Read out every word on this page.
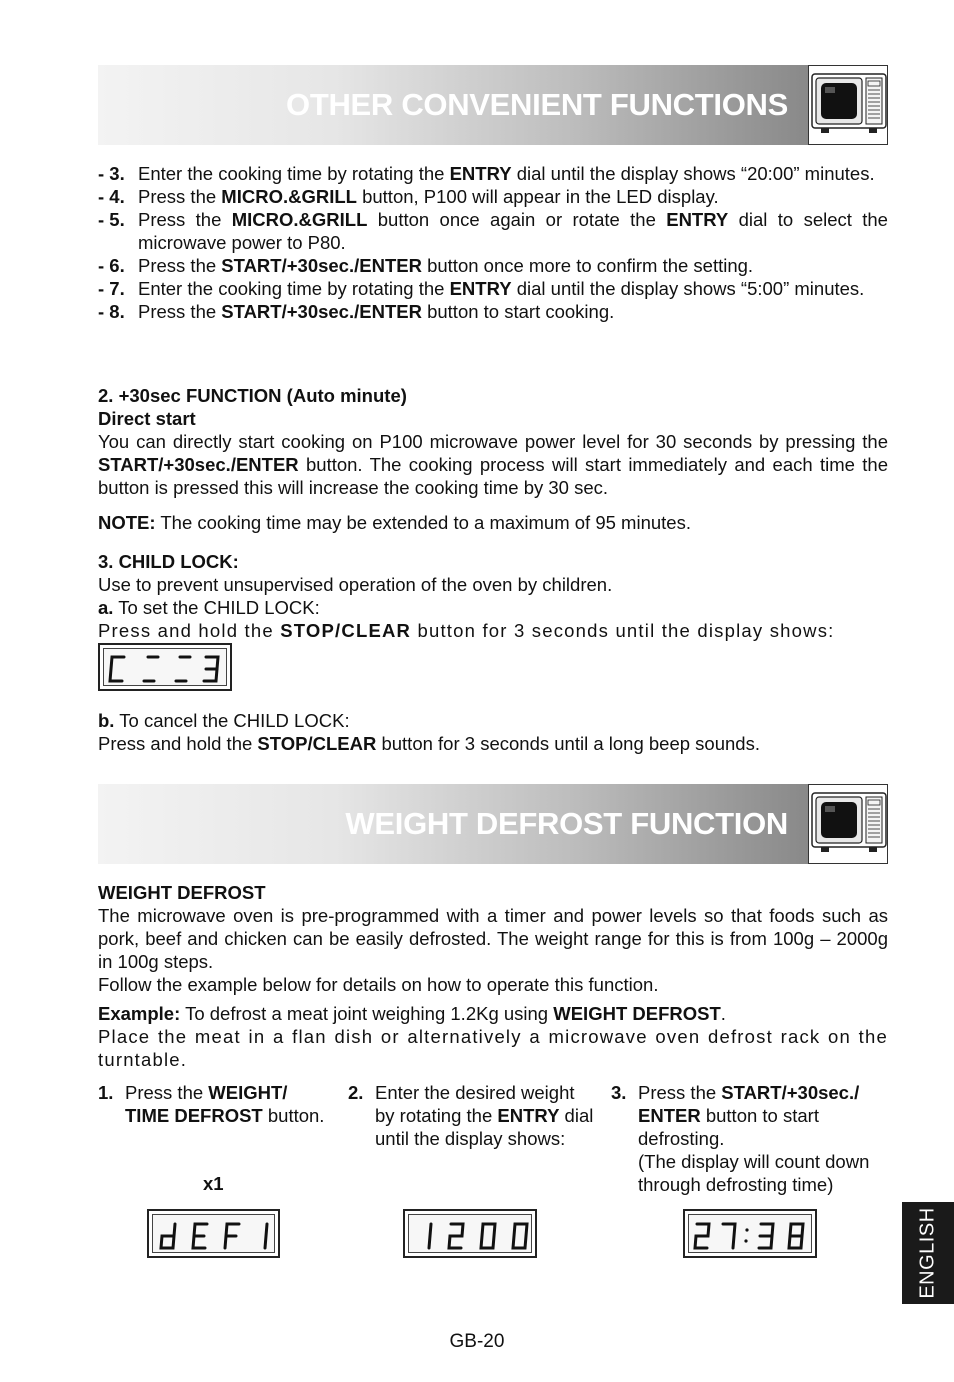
OTHER CONVENIENT FUNCTIONS
- 3. Enter the cooking time by rotating the ENTRY dial until the display shows “20:00” minutes.
- 4. Press the MICRO.&GRILL button, P100 will appear in the LED display.
- 5. Press the MICRO.&GRILL button once again or rotate the ENTRY dial to select the microwave power to P80.
- 6. Press the START/+30sec./ENTER button once more to confirm the setting.
- 7. Enter the cooking time by rotating the ENTRY dial until the display shows “5:00” minutes.
- 8. Press the START/+30sec./ENTER button to start cooking.
2. +30sec FUNCTION (Auto minute)
Direct start
You can directly start cooking on P100 microwave power level for 30 seconds by pressing the START/+30sec./ENTER button. The cooking process will start immediately and each time the button is pressed this will increase the cooking time by 30 sec.
NOTE: The cooking time may be extended to a maximum of 95 minutes.
3. CHILD LOCK:
Use to prevent unsupervised operation of the oven by children.
a. To set the CHILD LOCK:
Press and hold the STOP/CLEAR button for 3 seconds until the display shows:
b. To cancel the CHILD LOCK:
Press and hold the STOP/CLEAR button for 3 seconds until a long beep sounds.
WEIGHT DEFROST FUNCTION
WEIGHT DEFROST
The microwave oven is pre-programmed with a timer and power levels so that foods such as pork, beef and chicken can be easily defrosted. The weight range for this is from 100g – 2000g in 100g steps.
Follow the example below for details on how to operate this function.
Example: To defrost a meat joint weighing 1.2Kg using WEIGHT DEFROST.
Place the meat in a flan dish or alternatively a microwave oven defrost rack on the turntable.
1. Press the WEIGHT/ TIME DEFROST button.
x1
2. Enter the desired weight by rotating the ENTRY dial until the display shows:
3. Press the START/+30sec./ ENTER button to start defrosting.
(The display will count down through defrosting time)
ENGLISH
GB-20
